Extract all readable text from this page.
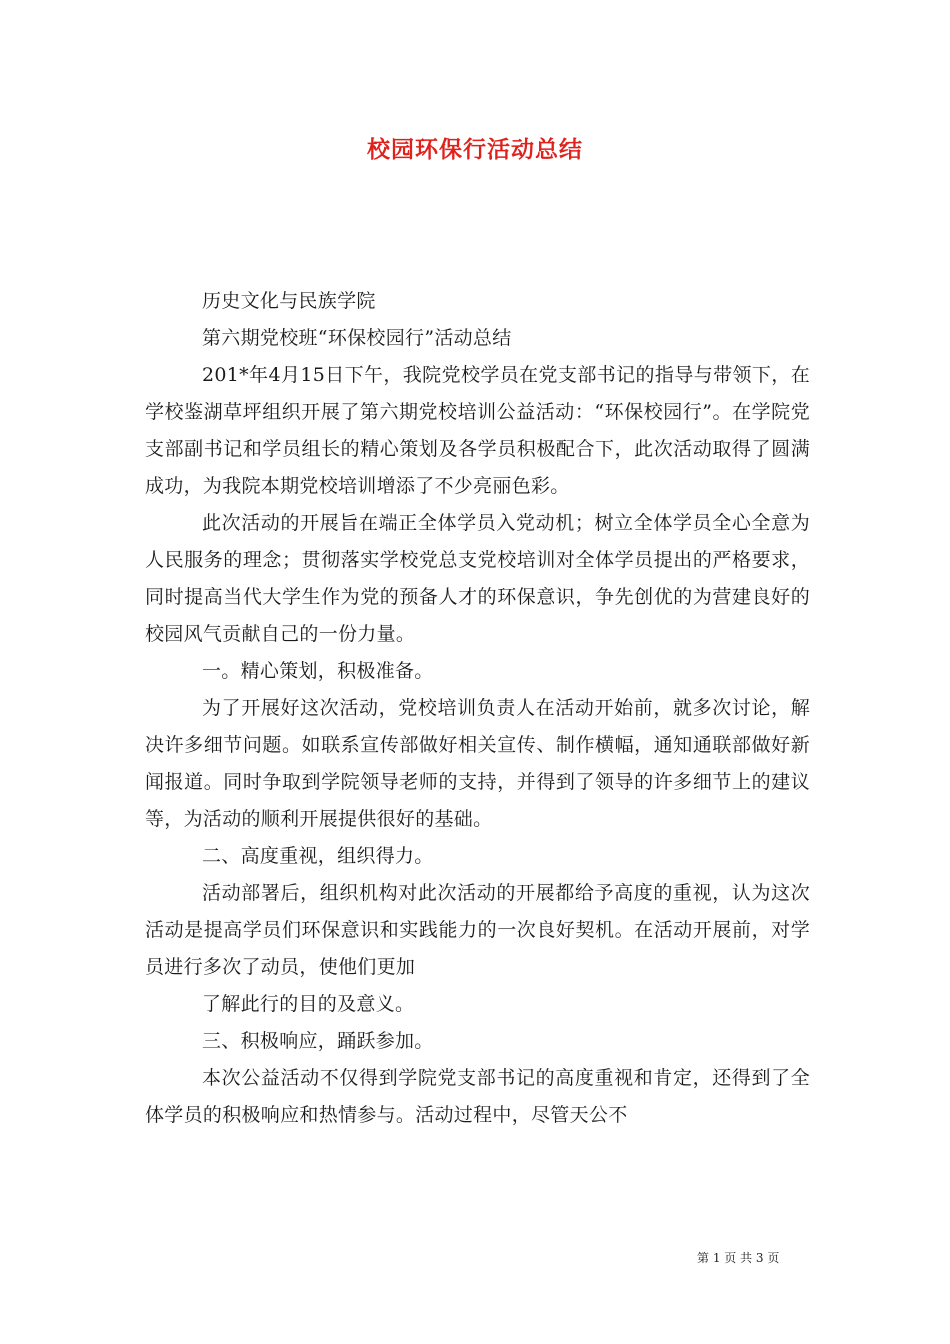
校园环保行活动总结

历史文化与民族学院

第六期党校班“环保校园行”活动总结

201*年4月15日下午，我院党校学员在党支部书记的指导与带领下，在学校鉴湖草坪组织开展了第六期党校培训公益活动：“环保校园行”。在学院党支部副书记和学员组长的精心策划及各学员积极配合下，此次活动取得了圆满成功，为我院本期党校培训增添了不少亮丽色彩。

此次活动的开展旨在端正全体学员入党动机；树立全体学员全心全意为人民服务的理念；贯彻落实学校党总支党校培训对全体学员提出的严格要求，同时提高当代大学生作为党的预备人才的环保意识，争先创优的为营建良好的校园风气贡献自己的一份力量。

一。精心策划，积极准备。

为了开展好这次活动，党校培训负责人在活动开始前，就多次讨论，解决许多细节问题。如联系宣传部做好相关宣传、制作横幅，通知通联部做好新闻报道。同时争取到学院领导老师的支持，并得到了领导的许多细节上的建议等，为活动的顺利开展提供很好的基础。

二、高度重视，组织得力。

活动部署后，组织机构对此次活动的开展都给予高度的重视，认为这次活动是提高学员们环保意识和实践能力的一次良好契机。在活动开展前，对学员进行多次了动员，使他们更加

了解此行的目的及意义。

三、积极响应，踊跃参加。

本次公益活动不仅得到学院党支部书记的高度重视和肯定，还得到了全体学员的积极响应和热情参与。活动过程中，尽管天公不

第 1 页 共 3 页
